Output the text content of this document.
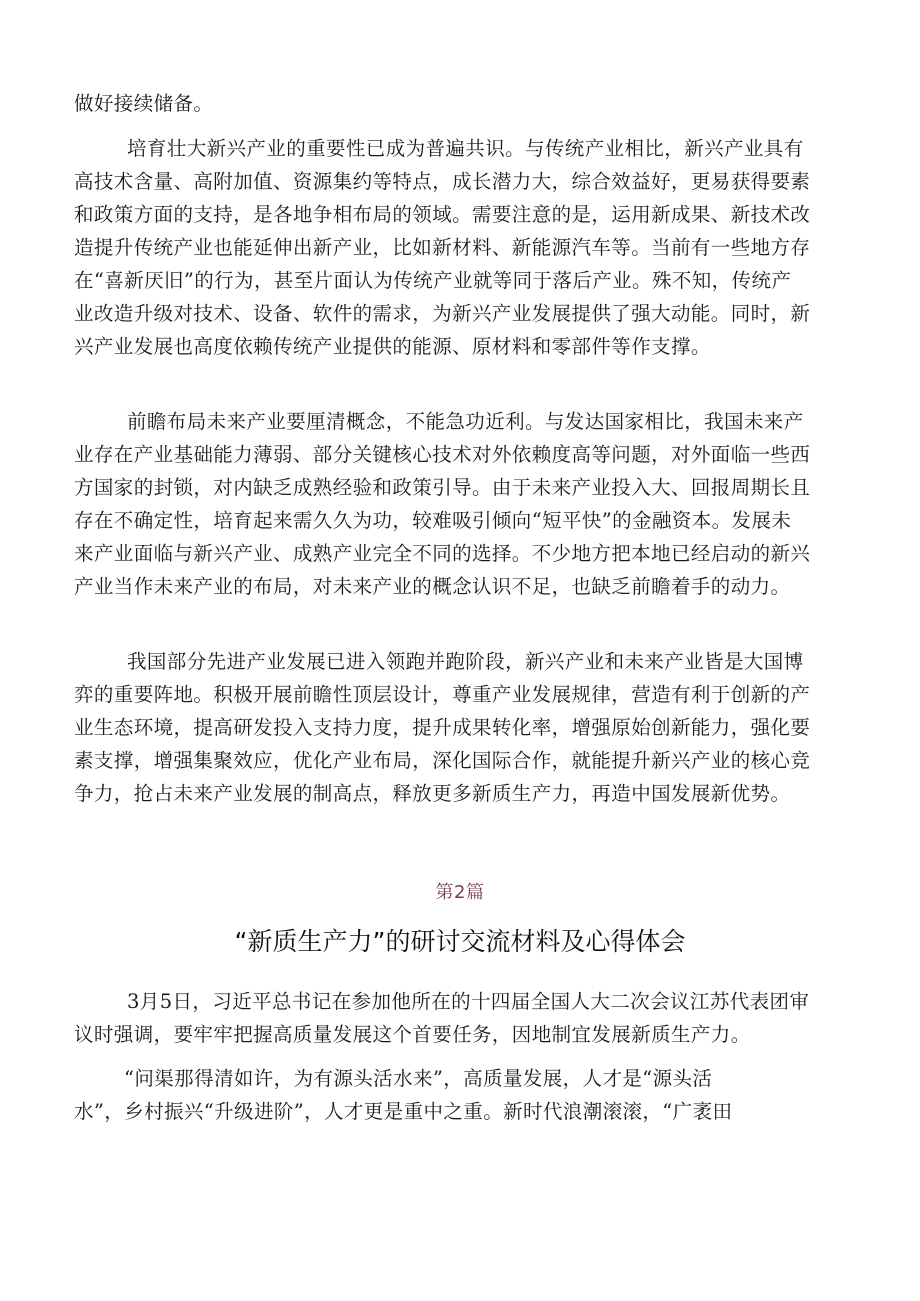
做好接续储备。
培育壮大新兴产业的重要性已成为普遍共识。与传统产业相比，新兴产业具有
高技术含量、高附加值、资源集约等特点，成长潜力大，综合效益好，更易获得要素
和政策方面的支持，是各地争相布局的领域。需要注意的是，运用新成果、新技术改
造提升传统产业也能延伸出新产业，比如新材料、新能源汽车等。当前有一些地方存
在“喜新厌旧”的行为，甚至片面认为传统产业就等同于落后产业。殊不知，传统产
业改造升级对技术、设备、软件的需求，为新兴产业发展提供了强大动能。同时，新
兴产业发展也高度依赖传统产业提供的能源、原材料和零部件等作支撑。
前瞻布局未来产业要厘清概念，不能急功近利。与发达国家相比，我国未来产
业存在产业基础能力薄弱、部分关键核心技术对外依赖度高等问题，对外面临一些西
方国家的封锁，对内缺乏成熟经验和政策引导。由于未来产业投入大、回报周期长且
存在不确定性，培育起来需久久为功，较难吸引倾向“短平快”的金融资本。发展未
来产业面临与新兴产业、成熟产业完全不同的选择。不少地方把本地已经启动的新兴
产业当作未来产业的布局，对未来产业的概念认识不足，也缺乏前瞻着手的动力。
我国部分先进产业发展已进入领跑并跑阶段，新兴产业和未来产业皆是大国博
弈的重要阵地。积极开展前瞻性顶层设计，尊重产业发展规律，营造有利于创新的产
业生态环境，提高研发投入支持力度，提升成果转化率，增强原始创新能力，强化要
素支撑，增强集聚效应，优化产业布局，深化国际合作，就能提升新兴产业的核心竞
争力，抢占未来产业发展的制高点，释放更多新质生产力，再造中国发展新优势。
第2篇
“新质生产力”的研讨交流材料及心得体会
3月5日，习近平总书记在参加他所在的十四届全国人大二次会议江苏代表团审
议时强调，要牢牢把握高质量发展这个首要任务，因地制宜发展新质生产力。
“问渠那得清如许，为有源头活水来”，高质量发展，人才是“源头活
水”，乡村振兴“升级进阶”，人才更是重中之重。新时代浪潮滚滚，“广袤田
